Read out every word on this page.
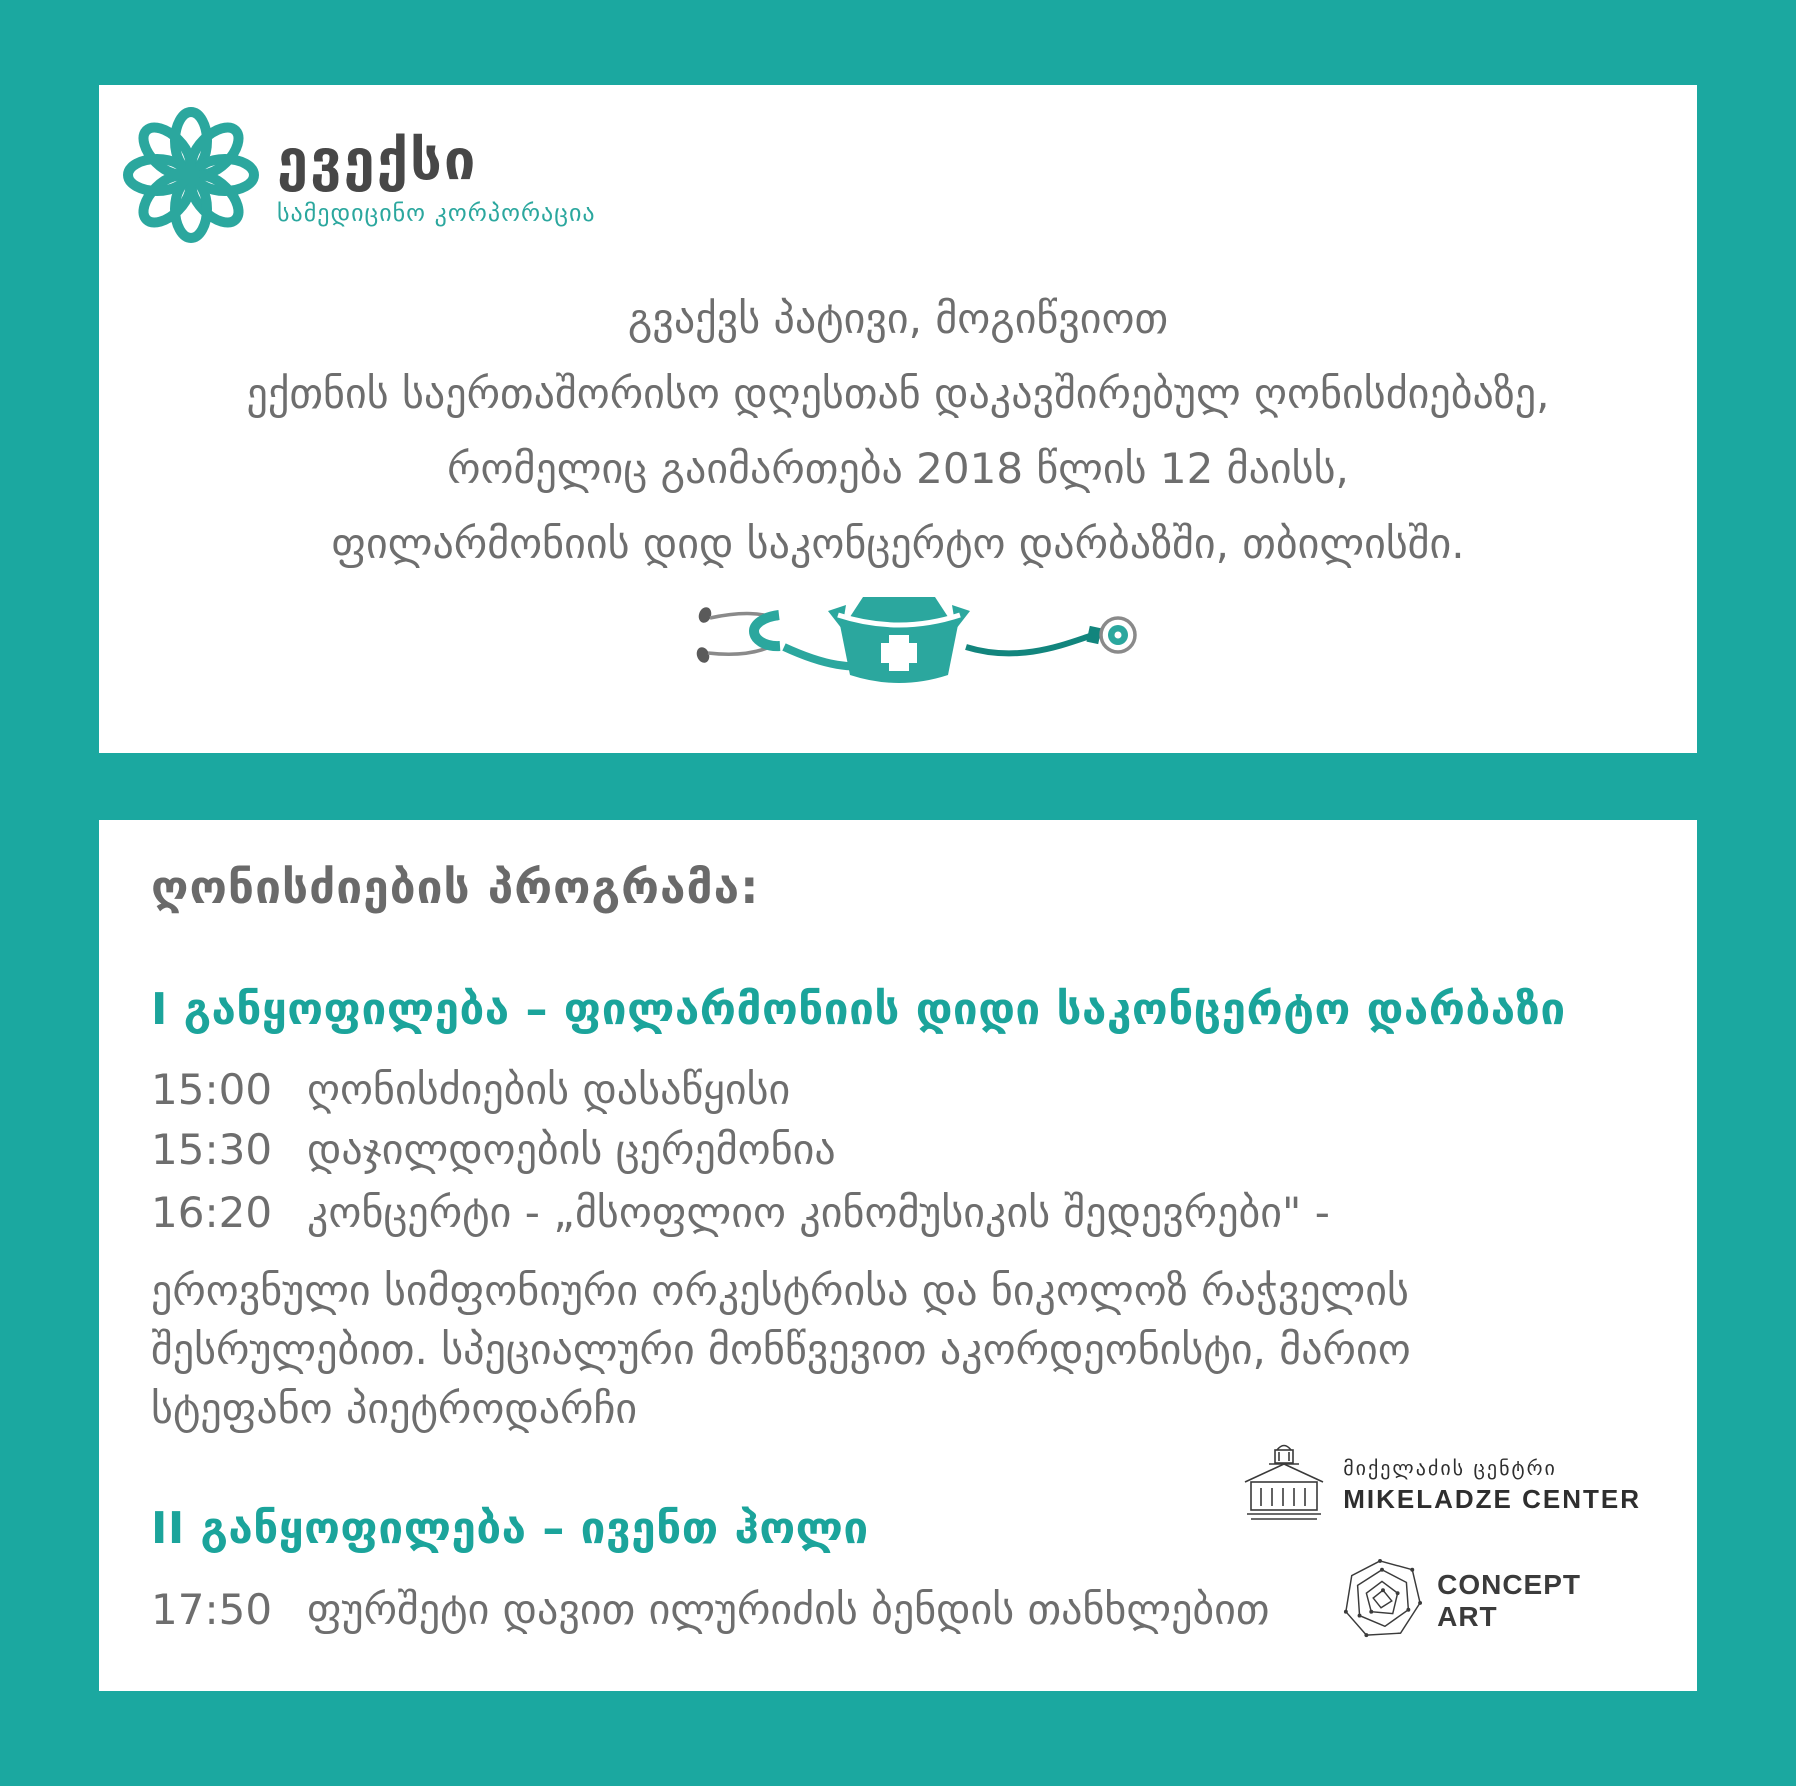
ევექსი
სამედიცინო კორპორაცია
გვაქვს პატივი, მოგიწვიოთ
ექთნის საერთაშორისო დღესთან დაკავშირებულ ღონისძიებაზე,
რომელიც გაიმართება 2018 წლის 12 მაისს,
ფილარმონიის დიდ საკონცერტო დარბაზში, თბილისში.
ღონისძიების პროგრამა:
I განყოფილება – ფილარმონიის დიდი საკონცერტო დარბაზი
15:00 ღონისძიების დასაწყისი
15:30 დაჯილდოების ცერემონია
16:20 კონცერტი - „მსოფლიო კინომუსიკის შედევრები" -
ეროვნული სიმფონიური ორკესტრისა და ნიკოლოზ რაჭველის
შესრულებით. სპეციალური მონწვევით აკორდეონისტი, მარიო
სტეფანო პიეტროდარჩი
II განყოფილება – ივენთ ჰოლი
17:50 ფურშეტი დავით ილურიძის ბენდის თანხლებით
მიქელაძის ცენტრი
MIKELADZE CENTER
CONCEPT
ART
